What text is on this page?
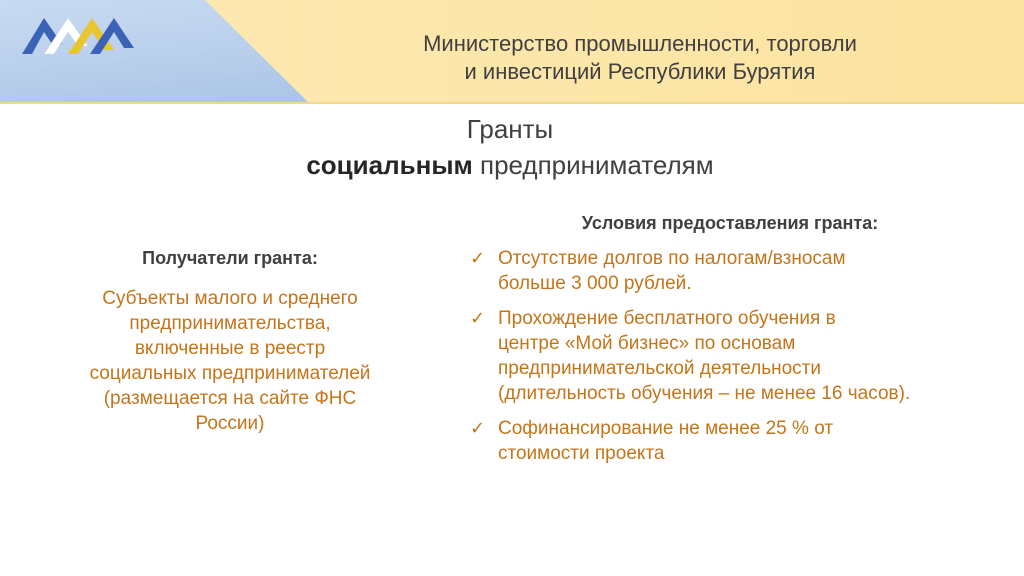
Министерство промышленности, торговли
и инвестиций Республики Бурятия
Гранты
социальным предпринимателям
Получатели гранта:
Субъекты малого и среднего
предпринимательства,
включенные в реестр
социальных предпринимателей
(размещается на сайте ФНС
России)
Условия предоставления гранта:
✓ Отсутствие долгов по налогам/взносам
больше 3 000 рублей.
✓ Прохождение бесплатного обучения в
центре «Мой бизнес» по основам
предпринимательской деятельности
(длительность обучения – не менее 16 часов).
✓ Софинансирование не менее 25 % от
стоимости проекта
